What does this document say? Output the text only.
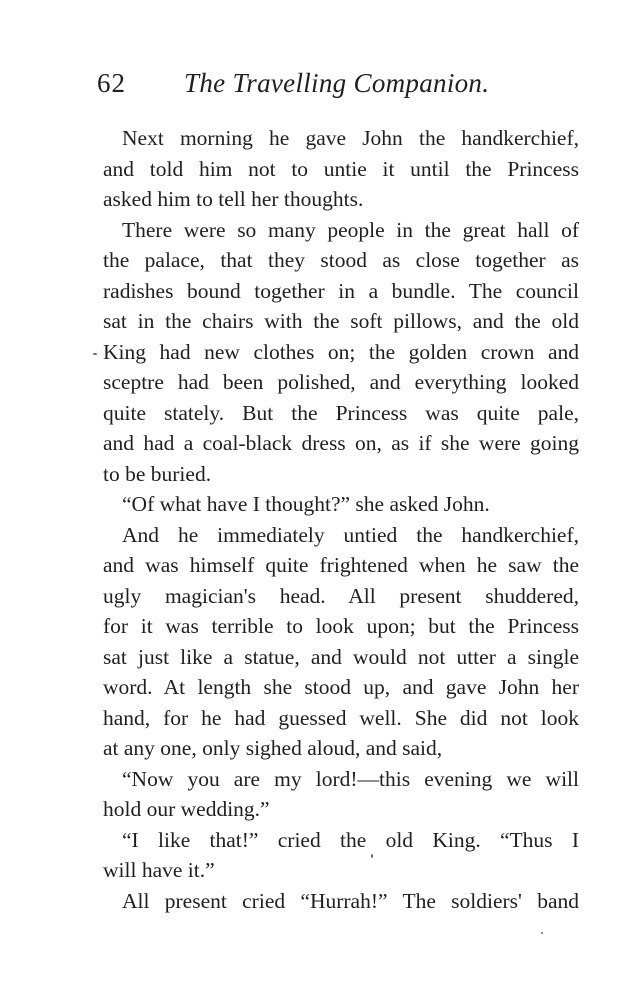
62 The Travelling Companion.
Next morning he gave John the handkerchief,
and told him not to untie it until the Princess
asked him to tell her thoughts.
There were so many people in the great hall of
the palace, that they stood as close together as
radishes bound together in a bundle. The council
sat in the chairs with the soft pillows, and the old
King had new clothes on; the golden crown and
sceptre had been polished, and everything looked
quite stately. But the Princess was quite pale,
and had a coal-black dress on, as if she were going
to be buried.
“Of what have I thought?” she asked John.
And he immediately untied the handkerchief,
and was himself quite frightened when he saw the
ugly magician's head. All present shuddered,
for it was terrible to look upon; but the Princess
sat just like a statue, and would not utter a single
word. At length she stood up, and gave John her
hand, for he had guessed well. She did not look
at any one, only sighed aloud, and said,
“Now you are my lord!—this evening we will
hold our wedding.”
“I like that!” cried the old King. “Thus I
will have it.”
All present cried “Hurrah!” The soldiers' band
